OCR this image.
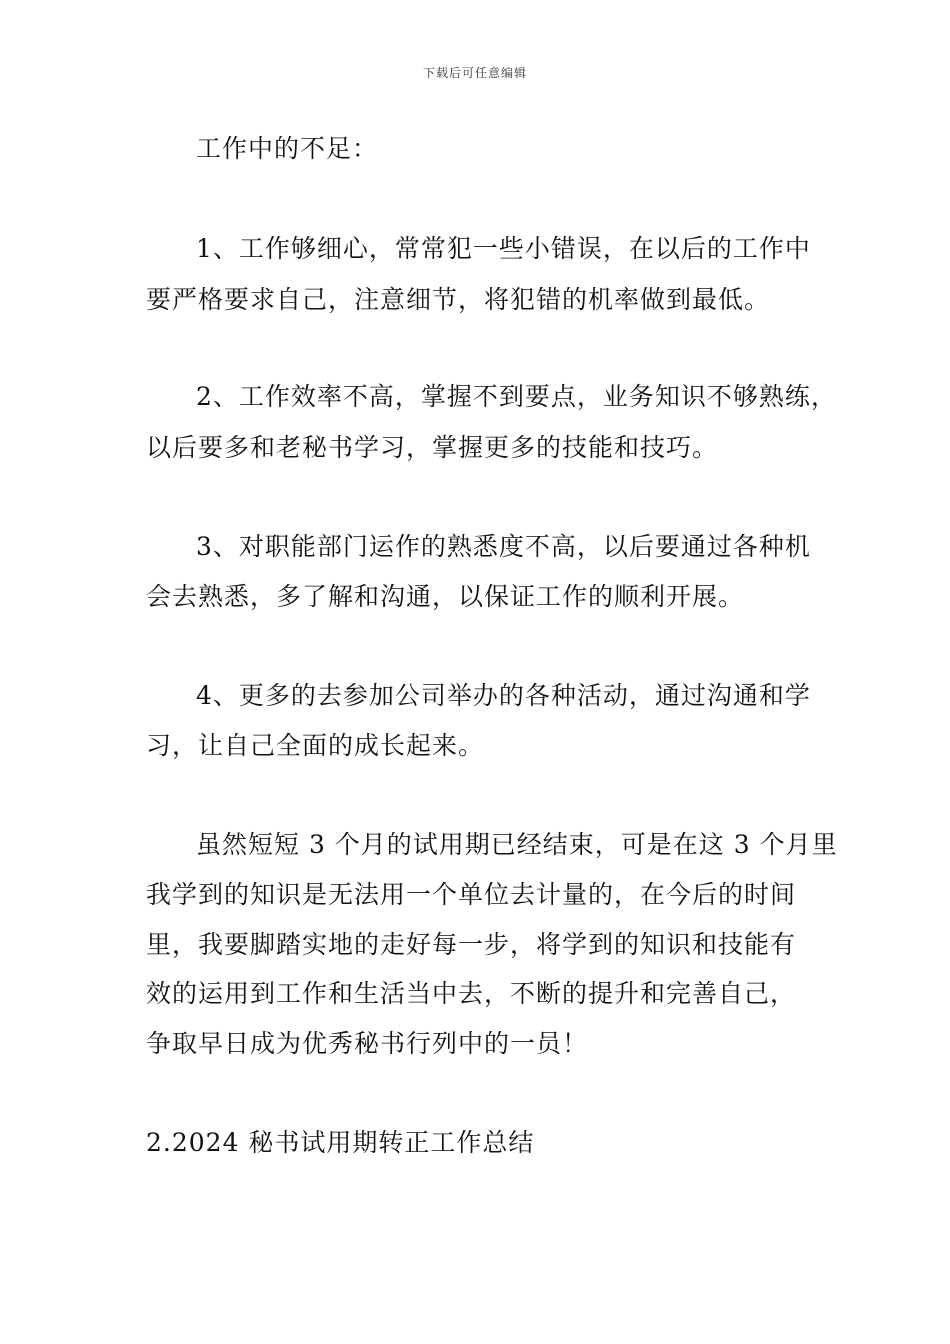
下载后可任意编辑
工作中的不足：
1、工作够细心，常常犯一些小错误，在以后的工作中
要严格要求自己，注意细节，将犯错的机率做到最低。
2、工作效率不高，掌握不到要点，业务知识不够熟练，
以后要多和老秘书学习，掌握更多的技能和技巧。
3、对职能部门运作的熟悉度不高，以后要通过各种机
会去熟悉，多了解和沟通，以保证工作的顺利开展。
4、更多的去参加公司举办的各种活动，通过沟通和学
习，让自己全面的成长起来。
虽然短短 3 个月的试用期已经结束，可是在这 3 个月里
我学到的知识是无法用一个单位去计量的，在今后的时间
里，我要脚踏实地的走好每一步，将学到的知识和技能有
效的运用到工作和生活当中去，不断的提升和完善自己，
争取早日成为优秀秘书行列中的一员！
2.2024 秘书试用期转正工作总结
